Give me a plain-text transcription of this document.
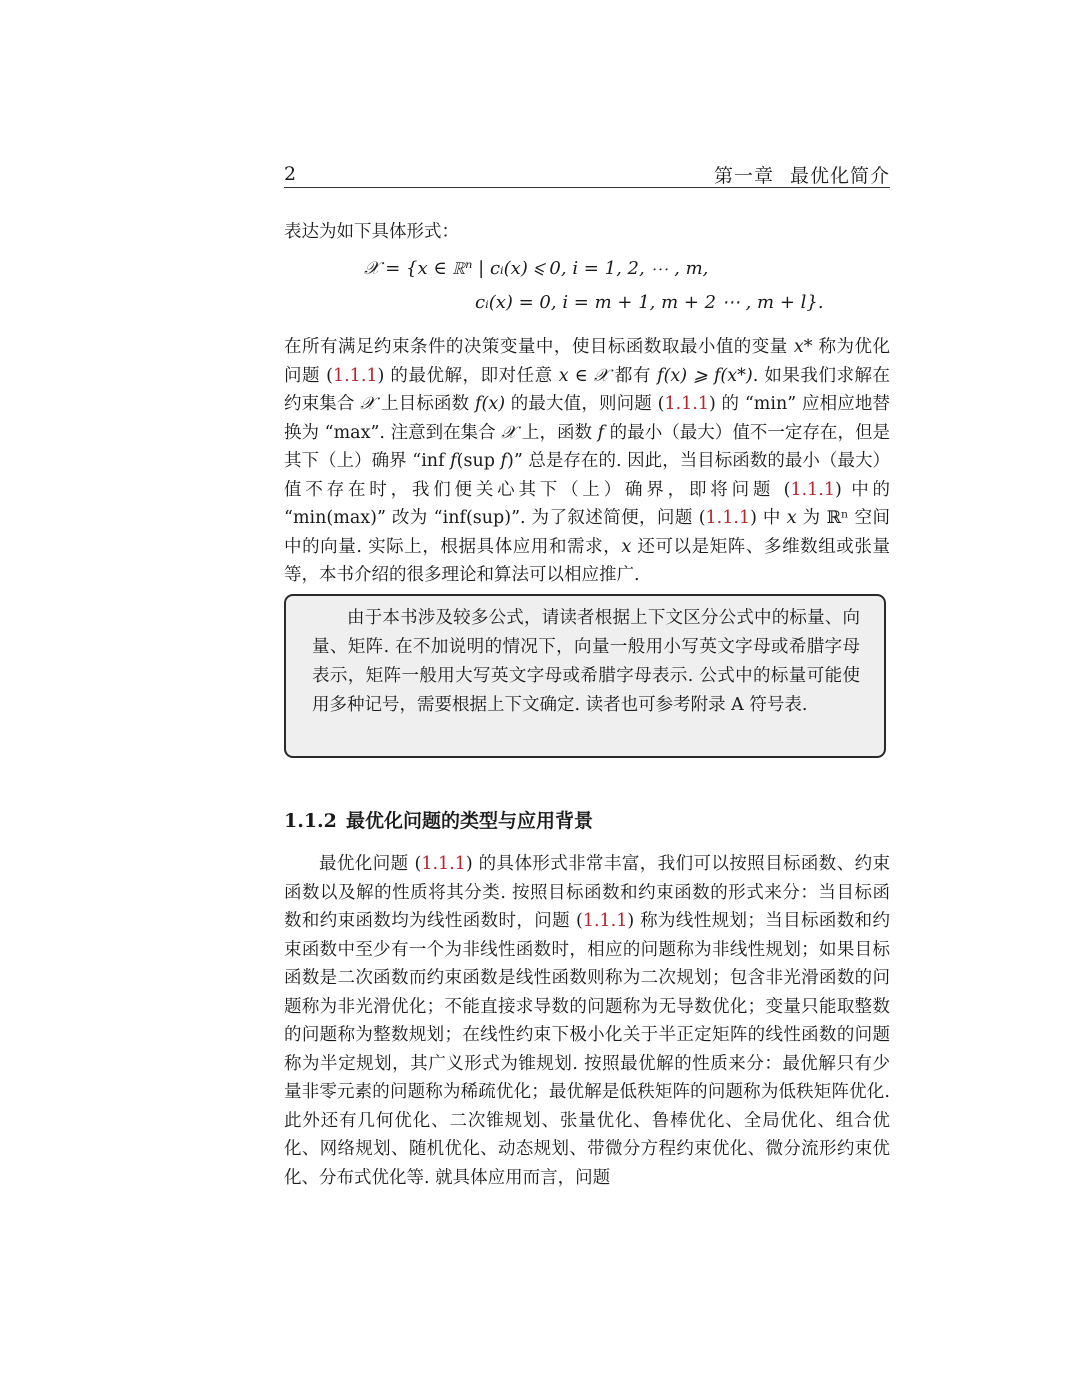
2	第一章 最优化简介

表达为如下具体形式：

𝒳 = {x ∈ ℝⁿ | cᵢ(x) ⩽ 0, i = 1, 2, ⋯ , m,
cᵢ(x) = 0, i = m + 1, m + 2 ⋯ , m + l}.

在所有满足约束条件的决策变量中，使目标函数取最小值的变量 x* 称为优化问题 (1.1.1) 的最优解，即对任意 x ∈ 𝒳 都有 f(x) ⩾ f(x*). 如果我们求解在约束集合 𝒳 上目标函数 f(x) 的最大值，则问题 (1.1.1) 的 “min” 应相应地替换为 “max”. 注意到在集合 𝒳 上，函数 f 的最小（最大）值不一定存在，但是其下（上）确界 “inf f(sup f)” 总是存在的. 因此，当目标函数的最小（最大）值不存在时，我们便关心其下（上）确界，即将问题 (1.1.1) 中的 “min(max)” 改为 “inf(sup)”. 为了叙述简便，问题 (1.1.1) 中 x 为 ℝⁿ 空间中的向量. 实际上，根据具体应用和需求，x 还可以是矩阵、多维数组或张量等，本书介绍的很多理论和算法可以相应推广.

由于本书涉及较多公式，请读者根据上下文区分公式中的标量、向量、矩阵. 在不加说明的情况下，向量一般用小写英文字母或希腊字母表示，矩阵一般用大写英文字母或希腊字母表示. 公式中的标量可能使用多种记号，需要根据上下文确定. 读者也可参考附录 A 符号表.

1.1.2 最优化问题的类型与应用背景

最优化问题 (1.1.1) 的具体形式非常丰富，我们可以按照目标函数、约束函数以及解的性质将其分类. 按照目标函数和约束函数的形式来分：当目标函数和约束函数均为线性函数时，问题 (1.1.1) 称为线性规划；当目标函数和约束函数中至少有一个为非线性函数时，相应的问题称为非线性规划；如果目标函数是二次函数而约束函数是线性函数则称为二次规划；包含非光滑函数的问题称为非光滑优化；不能直接求导数的问题称为无导数优化；变量只能取整数的问题称为整数规划；在线性约束下极小化关于半正定矩阵的线性函数的问题称为半定规划，其广义形式为锥规划. 按照最优解的性质来分：最优解只有少量非零元素的问题称为稀疏优化；最优解是低秩矩阵的问题称为低秩矩阵优化. 此外还有几何优化、二次锥规划、张量优化、鲁棒优化、全局优化、组合优化、网络规划、随机优化、动态规划、带微分方程约束优化、微分流形约束优化、分布式优化等. 就具体应用而言，问题
